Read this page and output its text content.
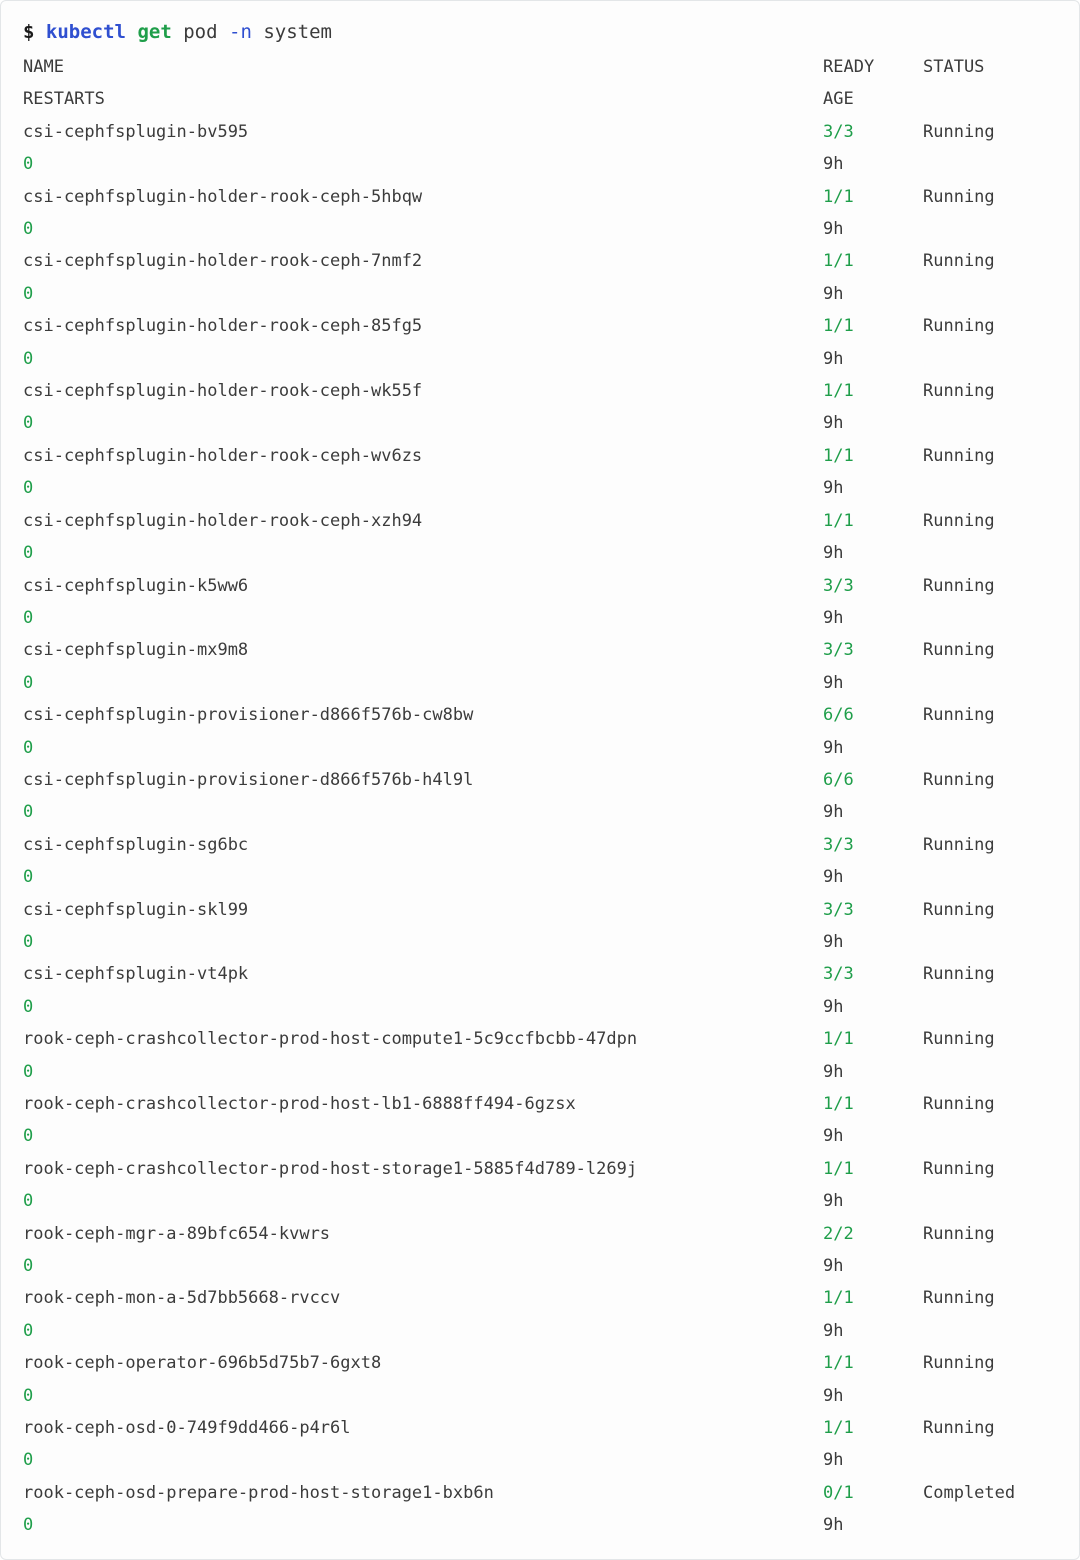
$ kubectl get pod -n system
NAME	READY	STATUS
RESTARTS	AGE	
csi-cephfsplugin-bv595	3/3	Running
0	9h	
csi-cephfsplugin-holder-rook-ceph-5hbqw	1/1	Running
0	9h	
csi-cephfsplugin-holder-rook-ceph-7nmf2	1/1	Running
0	9h	
csi-cephfsplugin-holder-rook-ceph-85fg5	1/1	Running
0	9h	
csi-cephfsplugin-holder-rook-ceph-wk55f	1/1	Running
0	9h	
csi-cephfsplugin-holder-rook-ceph-wv6zs	1/1	Running
0	9h	
csi-cephfsplugin-holder-rook-ceph-xzh94	1/1	Running
0	9h	
csi-cephfsplugin-k5ww6	3/3	Running
0	9h	
csi-cephfsplugin-mx9m8	3/3	Running
0	9h	
csi-cephfsplugin-provisioner-d866f576b-cw8bw	6/6	Running
0	9h	
csi-cephfsplugin-provisioner-d866f576b-h4l9l	6/6	Running
0	9h	
csi-cephfsplugin-sg6bc	3/3	Running
0	9h	
csi-cephfsplugin-skl99	3/3	Running
0	9h	
csi-cephfsplugin-vt4pk	3/3	Running
0	9h	
rook-ceph-crashcollector-prod-host-compute1-5c9ccfbcbb-47dpn	1/1	Running
0	9h	
rook-ceph-crashcollector-prod-host-lb1-6888ff494-6gzsx	1/1	Running
0	9h	
rook-ceph-crashcollector-prod-host-storage1-5885f4d789-l269j	1/1	Running
0	9h	
rook-ceph-mgr-a-89bfc654-kvwrs	2/2	Running
0	9h	
rook-ceph-mon-a-5d7bb5668-rvccv	1/1	Running
0	9h	
rook-ceph-operator-696b5d75b7-6gxt8	1/1	Running
0	9h	
rook-ceph-osd-0-749f9dd466-p4r6l	1/1	Running
0	9h	
rook-ceph-osd-prepare-prod-host-storage1-bxb6n	0/1	Completed
0	9h	
